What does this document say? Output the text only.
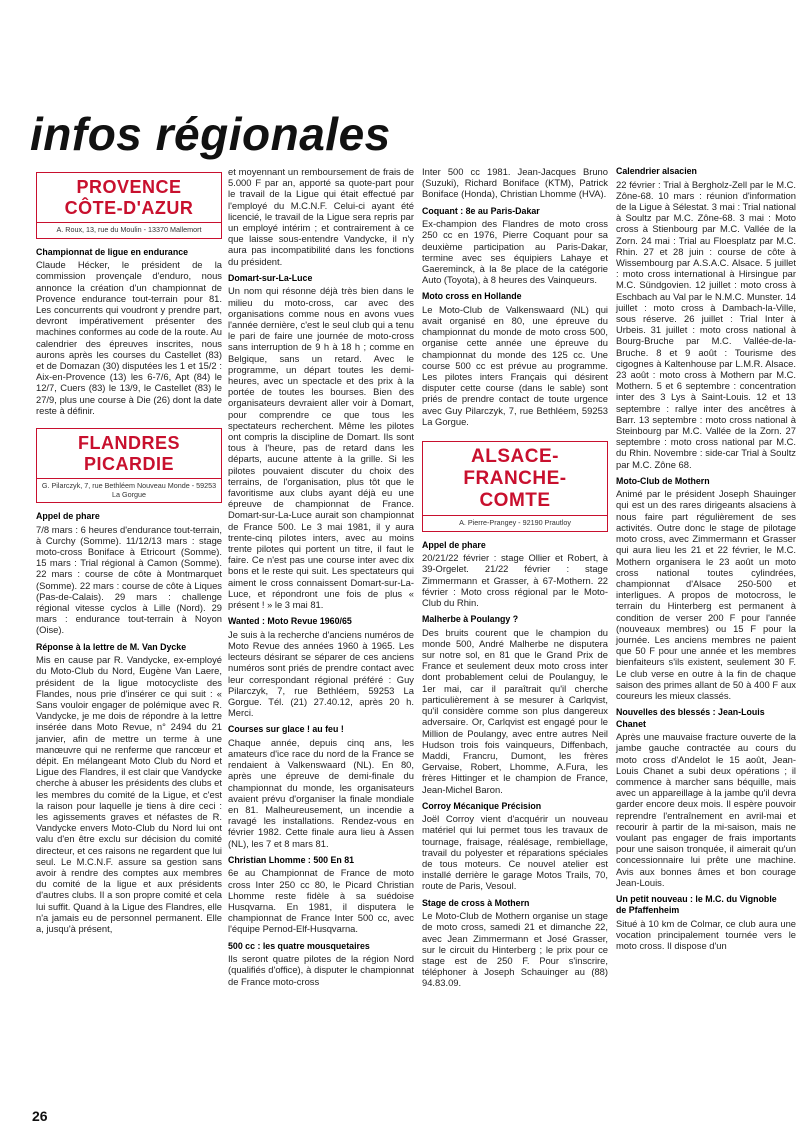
infos régionales
PROVENCE
CÔTE-D'AZUR
A. Roux, 13, rue du Moulin - 13370 Mallemort
Championnat de ligue en endurance
Claude Hécker, le président de la commission provençale d'enduro, nous annonce la création d'un championnat de Provence endurance tout-terrain pour 81. Les concurrents qui voudront y prendre part, devront impérativement présenter des machines conformes au code de la route. Au calendrier des épreuves inscrites, nous aurons après les courses du Castellet (83) et de Domazan (30) disputées les 1 et 15/2 : Aix-en-Provence (13) les 6-7/6, Apt (84) le 12/7, Cuers (83) le 13/9, le Castellet (83) le 27/9, plus une course à Die (26) dont la date reste à définir.
FLANDRES
PICARDIE
G. Pilarczyk, 7, rue Bethléem Nouveau Monde - 59253 La Gorgue
Appel de phare
7/8 mars : 6 heures d'endurance tout-terrain, à Curchy (Somme). 11/12/13 mars : stage moto-cross Boniface à Etricourt (Somme). 15 mars : Trial régional à Camon (Somme). 22 mars : course de côte à Montmarquet (Somme). 22 mars : course de côte à Liques (Pas-de-Calais). 29 mars : challenge régional vitesse cyclos à Lille (Nord). 29 mars : endurance tout-terrain à Noyon (Oise).
Réponse à la lettre de M. Van Dycke
Mis en cause par R. Vandycke, ex-employé du Moto-Club du Nord, Eugène Van Laere, président de la ligue motocycliste des Flandes, nous prie d'insérer ce qui suit : « Sans vouloir engager de polémique avec R. Vandycke, je me dois de répondre à la lettre insérée dans Moto Revue, n° 2494 du 21 janvier, afin de mettre un terme à une manœuvre qui ne renferme que rancœur et dépit. En mélangeant Moto Club du Nord et Ligue des Flandres, il est clair que Vandycke cherche à abuser les présidents des clubs et les membres du comité de la Ligue, et c'est la raison pour laquelle je tiens à dire ceci : les agissements graves et néfastes de R. Vandycke envers Moto-Club du Nord lui ont valu d'en être exclu sur décision du comité directeur, et ces raisons ne regardent que lui seul. Le M.C.N.F. assure sa gestion sans avoir à rendre des comptes aux membres du comité de la ligue et aux présidents d'autres clubs. Il a son propre comité et cela lui suffit. Quand à la Ligue des Flandres, elle n'a jamais eu de personnel permanent. Elle a, jusqu'à présent,
et moyennant un remboursement de frais de 5.000 F par an, apporté sa quote-part pour le travail de la Ligue qui était effectué par l'employé du M.C.N.F. Celui-ci ayant été licencié, le travail de la Ligue sera repris par un employé intérim ; et contrairement à ce que laisse sous-entendre Vandycke, il n'y aura pas incompatibilité dans les fonctions du président.
Domart-sur-La-Luce
Un nom qui résonne déjà très bien dans le milieu du moto-cross, car avec des organisations comme nous en avons vues l'année dernière, c'est le seul club qui a tenu le pari de faire une journée de moto-cross sans interruption de 9 h à 18 h ; comme en Belgique, sans un retard. Avec le programme, un départ toutes les demi-heures, avec un spectacle et des prix à la portée de toutes les bourses. Bien des organisateurs devraient aller voir à Domart, pour comprendre ce que tous les spectateurs recherchent. Même les pilotes ont compris la discipline de Domart. Ils sont tous à l'heure, pas de retard dans les départs, aucune attente à la grille. Si les pilotes pouvaient discuter du choix des terrains, de l'organisation, plus tôt que le favoritisme aux clubs ayant déjà eu une épreuve de championnat de France. Domart-sur-La-Luce aurait son championnat de France 500. Le 3 mai 1981, il y aura trente-cinq pilotes inters, avec au moins trente pilotes qui portent un titre, il faut le faire. Ce n'est pas une course inter avec dix bons et le reste qui suit. Les spectateurs qui aiment le cross connaissent Domart-sur-La-Luce, et répondront une fois de plus « présent ! » le 3 mai 81.
Wanted : Moto Revue 1960/65
Je suis à la recherche d'anciens numéros de Moto Revue des années 1960 à 1965. Les lecteurs désirant se séparer de ces anciens numéros sont priés de prendre contact avec leur correspondant régional préféré : Guy Pilarczyk, 7, rue Bethléem, 59253 La Gorgue. Tél. (21) 27.40.12, après 20 h. Merci.
Courses sur glace ! au feu !
Chaque année, depuis cinq ans, les amateurs d'ice race du nord de la France se rendaient à Valkenswaard (NL). En 80, après une épreuve de demi-finale du championnat du monde, les organisateurs avaient prévu d'organiser la finale mondiale en 81. Malheureusement, un incendie a ravagé les installations. Rendez-vous en février 1982. Cette finale aura lieu à Assen (NL), les 7 et 8 mars 81.
Christian Lhomme : 500 En 81
6e au Championnat de France de moto cross Inter 250 cc 80, le Picard Christian Lhomme reste fidèle à sa suédoise Husqvarna. En 1981, il disputera le championnat de France Inter 500 cc, avec l'équipe Pernod-Elf-Husqvarna.
500 cc : les quatre mousquetaires
Ils seront quatre pilotes de la région Nord (qualifiés d'office), à disputer le championnat de France moto-cross
Inter 500 cc 1981. Jean-Jacques Bruno (Suzuki), Richard Boniface (KTM), Patrick Boniface (Honda), Christian Lhomme (HVA).
Coquant : 8e au Paris-Dakar
Ex-champion des Flandres de moto cross 250 cc en 1976, Pierre Coquant pour sa deuxième participation au Paris-Dakar, termine avec ses équipiers Lahaye et Gaereminck, à la 8e place de la catégorie Auto (Toyota), à 8 heures des Vainqueurs.
Moto cross en Hollande
Le Moto-Club de Valkenswaard (NL) qui avait organisé en 80, une épreuve du championnat du monde de moto cross 500, organise cette année une épreuve du championnat du monde des 125 cc. Une course 500 cc est prévue au programme. Les pilotes inters Français qui désirent disputer cette course (dans le sable) sont priés de prendre contact de toute urgence avec Guy Pilarczyk, 7, rue Bethléem, 59253 La Gorgue.
ALSACE-
FRANCHE-
COMTE
A. Pierre-Prangey - 92190 Prautloy
Appel de phare
20/21/22 février : stage Ollier et Robert, à 39-Orgelet. 21/22 février : stage Zimmermann et Grasser, à 67-Mothern. 22 février : Moto cross régional par le Moto-Club du Rhin.
Malherbe à Poulangy ?
Des bruits courent que le champion du monde 500, André Malherbe ne disputera sur notre sol, en 81 que le Grand Prix de France et seulement deux moto cross inter dont probablement celui de Poulanguy, le 1er mai, car il paraîtrait qu'il cherche particulièrement à se mesurer à Carlqvist, qu'il considère comme son plus dangereux adversaire. Or, Carlqvist est engagé pour le Million de Poulangy, avec entre autres Neil Hudson trois fois vainqueurs, Diffenbach, Maddi, Francru, Dumont, les frères Gervaise, Robert, Lhomme, A.Fura, les frères Hittinger et le champion de France, Jean-Michel Baron.
Corroy Mécanique Précision
Joël Corroy vient d'acquérir un nouveau matériel qui lui permet tous les travaux de tournage, fraisage, réalésage, rembiellage, travail du polyester et réparations spéciales de tous moteurs. Ce nouvel atelier est installé derrière le garage Motos Trails, 70, route de Paris, Vesoul.
Stage de cross à Mothern
Le Moto-Club de Mothern organise un stage de moto cross, samedi 21 et dimanche 22, avec Jean Zimmermann et José Grasser, sur le circuit du Hinterberg ; le prix pour ce stage est de 250 F. Pour s'inscrire, téléphoner à Joseph Schauinger au (88) 94.83.09.
Calendrier alsacien
22 février : Trial à Bergholz-Zell par le M.C. Zône-68. 10 mars : réunion d'information de la Ligue à Sélestat. 3 mai : Trial national à Soultz par M.C. Zône-68. 3 mai : Moto cross à Stienbourg par M.C. Vallée de la Zorn. 24 mai : Trial au Floesplatz par M.C. Rhin. 27 et 28 juin : course de côte à Wissembourg par A.S.A.C. Alsace. 5 juillet : moto cross international à Hirsingue par M.C. Sündgovien. 12 juillet : moto cross à Eschbach au Val par le N.M.C. Munster. 14 juillet : moto cross à Dambach-la-Ville, sous réserve. 26 juillet : Trial Inter à Urbeis. 31 juillet : moto cross national à Bourg-Bruche par M.C. Vallée-de-la-Bruche. 8 et 9 août : Tourisme des cigognes à Kaltenhouse par L.M.R. Alsace. 23 août : moto cross à Mothern par M.C. Mothern. 5 et 6 septembre : concentration inter des 3 Lys à Saint-Louis. 12 et 13 septembre : rallye inter des ancêtres à Barr. 13 septembre : moto cross national à Steinbourg par M.C. Vallée de la Zorn. 27 septembre : moto cross national par M.C. du Rhin. Novembre : side-car Trial à Soultz par M.C. Zône 68.
Moto-Club de Mothern
Animé par le président Joseph Shauinger qui est un des rares dirigeants alsaciens à nous faire part régulièrement de ses activités. Outre donc le stage de pilotage moto cross, avec Zimmermann et Grasser qui aura lieu les 21 et 22 février, le M.C. Mothern organisera le 23 août un moto cross national toutes cylindrées, championnat d'Alsace 250-500 et interligues. A propos de motocross, le terrain du Hinterberg est permanent à condition de verser 200 F pour l'année (nouveaux membres) ou 15 F pour la journée. Les anciens membres ne paient que 50 F pour une année et les membres bienfaiteurs s'ils existent, seulement 30 F. Le club verse en outre à la fin de chaque saison des primes allant de 50 à 400 F aux coureurs les mieux classés.
Nouvelles des blessés : Jean-Louis Chanet
Après une mauvaise fracture ouverte de la jambe gauche contractée au cours du moto cross d'Andelot le 15 août, Jean-Louis Chanet a subi deux opérations ; il commence à marcher sans béquille, mais avec un appareillage à la jambe qu'il devra garder encore deux mois. Il espère pouvoir reprendre l'entraînement en avril-mai et recourir à partir de la mi-saison, mais ne voulant pas engager de frais importants pour une saison tronquée, il aimerait qu'un concessionnaire lui prête une machine. Avis aux bonnes âmes et bon courage Jean-Louis.
Un petit nouveau : le M.C. du Vignoble de Pfaffenheim
Situé à 10 km de Colmar, ce club aura une vocation principalement tournée vers le moto cross. Il dispose d'un
26
